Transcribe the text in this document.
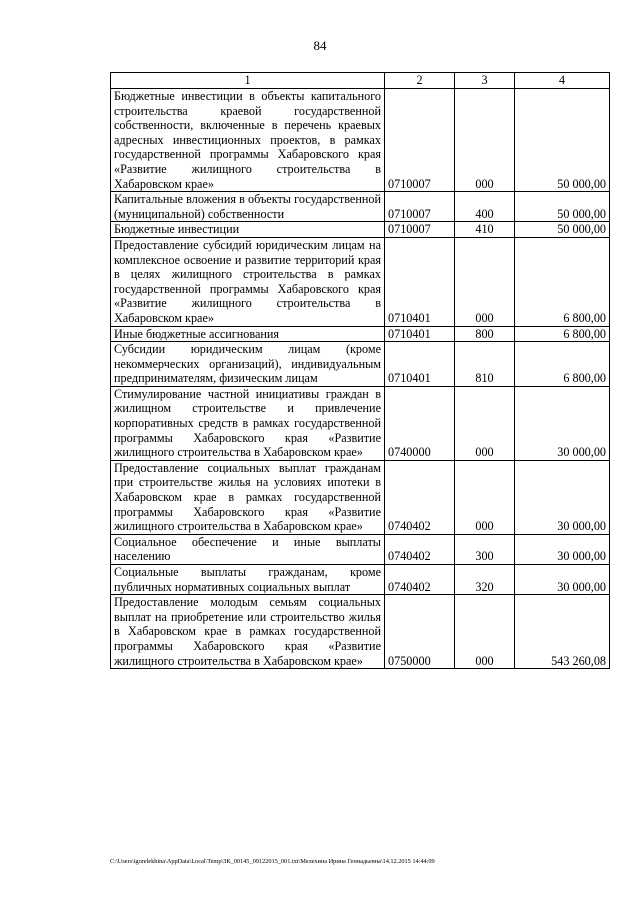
84
1	2	3	4
Бюджетные инвестиции в объекты капитального строительства краевой государственной собственности, включенные в перечень краевых адресных инвестиционных проектов, в рамках государственной программы Хабаровского края «Развитие жилищного строительства в Хабаровском крае»	0710007	000	50 000,00
Капитальные вложения в объекты государственной (муниципальной) собственности	0710007	400	50 000,00
Бюджетные инвестиции	0710007	410	50 000,00
Предоставление субсидий юридическим лицам на комплексное освоение и развитие территорий края в целях жилищного строительства в рамках государственной программы Хабаровского края «Развитие жилищного строительства в Хабаровском крае»	0710401	000	6 800,00
Иные бюджетные ассигнования	0710401	800	6 800,00
Субсидии юридическим лицам (кроме некоммерческих организаций), индивидуальным предпринимателям, физическим лицам	0710401	810	6 800,00
Стимулирование частной инициативы граждан в жилищном строительстве и привлечение корпоративных средств в рамках государственной программы Хабаровского края «Развитие жилищного строительства в Хабаровском крае»	0740000	000	30 000,00
Предоставление социальных выплат гражданам при строительстве жилья на условиях ипотеки в Хабаровском крае в рамках государственной программы Хабаровского края «Развитие жилищного строительства в Хабаровском крае»	0740402	000	30 000,00
Социальное обеспечение и иные выплаты населению	0740402	300	30 000,00
Социальные выплаты гражданам, кроме публичных нормативных социальных выплат	0740402	320	30 000,00
Предоставление молодым семьям социальных выплат на приобретение или строительство жилья в Хабаровском крае в рамках государственной программы Хабаровского края «Развитие жилищного строительства в Хабаровском крае»	0750000	000	543 260,08
C:\Users\igorelekhina\AppData\Local\Temp\ЗК_00145_09122015_001.txt\Мелехина Ирина Геннадьевна\14.12.2015 14:44:09
